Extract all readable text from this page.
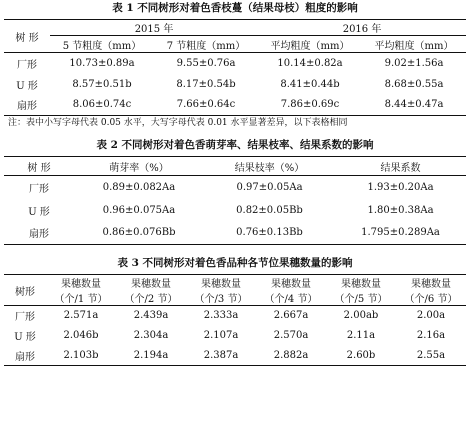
表 1 不同树形对着色香枝蔓（结果母枝）粗度的影响
树 形	2015 年		2016 年	
	5 节粗度（mm）	7 节粗度（mm）	平均粗度（mm）	平均粗度（mm）
厂形	10.73±0.89a	9.55±0.76a	10.14±0.82a	9.02±1.56a
U 形	8.57±0.51b	8.17±0.54b	8.41±0.44b	8.68±0.55a
扇形	8.06±0.74c	7.66±0.64c	7.86±0.69c	8.44±0.47a
注：表中小写字母代表 0.05 水平，大写字母代表 0.01 水平显著差异，以下表格相同
表 2 不同树形对着色香萌芽率、结果枝率、结果系数的影响
树 形	萌芽率（%）	结果枝率（%）	结果系数
厂形	0.89±0.082Aa	0.97±0.05Aa	1.93±0.20Aa
U 形	0.96±0.075Aa	0.82±0.05Bb	1.80±0.38Aa
扇形	0.86±0.076Bb	0.76±0.13Bb	1.795±0.289Aa
表 3 不同树形对着色香品种各节位果穗数量的影响
树形	果穗数量	果穗数量	果穗数量	果穗数量	果穗数量	果穗数量
	（个/1 节）	（个/2 节）	（个/3 节）	（个/4 节）	（个/5 节）	（个/6 节）
厂形	2.571a	2.439a	2.333a	2.667a	2.00ab	2.00a
U 形	2.046b	2.304a	2.107a	2.570a	2.11a	2.16a
扇形	2.103b	2.194a	2.387a	2.882a	2.60b	2.55a
